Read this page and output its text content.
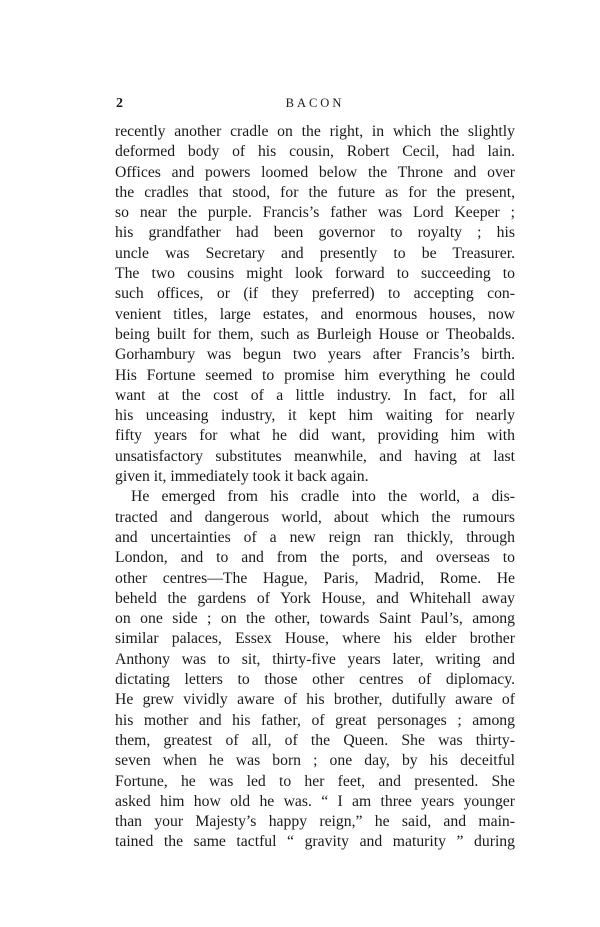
2	BACON
recently another cradle on the right, in which the slightly
deformed body of his cousin, Robert Cecil, had lain.
Offices and powers loomed below the Throne and over
the cradles that stood, for the future as for the present,
so near the purple. Francis’s father was Lord Keeper ;
his grandfather had been governor to royalty ; his
uncle was Secretary and presently to be Treasurer.
The two cousins might look forward to succeeding to
such offices, or (if they preferred) to accepting con-
venient titles, large estates, and enormous houses, now
being built for them, such as Burleigh House or Theobalds.
Gorhambury was begun two years after Francis’s birth.
His Fortune seemed to promise him everything he could
want at the cost of a little industry. In fact, for all
his unceasing industry, it kept him waiting for nearly
fifty years for what he did want, providing him with
unsatisfactory substitutes meanwhile, and having at last
given it, immediately took it back again.
He emerged from his cradle into the world, a dis-
tracted and dangerous world, about which the rumours
and uncertainties of a new reign ran thickly, through
London, and to and from the ports, and overseas to
other centres—The Hague, Paris, Madrid, Rome. He
beheld the gardens of York House, and Whitehall away
on one side ; on the other, towards Saint Paul’s, among
similar palaces, Essex House, where his elder brother
Anthony was to sit, thirty-five years later, writing and
dictating letters to those other centres of diplomacy.
He grew vividly aware of his brother, dutifully aware of
his mother and his father, of great personages ; among
them, greatest of all, of the Queen. She was thirty-
seven when he was born ; one day, by his deceitful
Fortune, he was led to her feet, and presented. She
asked him how old he was. “ I am three years younger
than your Majesty’s happy reign,” he said, and main-
tained the same tactful “ gravity and maturity ” during
